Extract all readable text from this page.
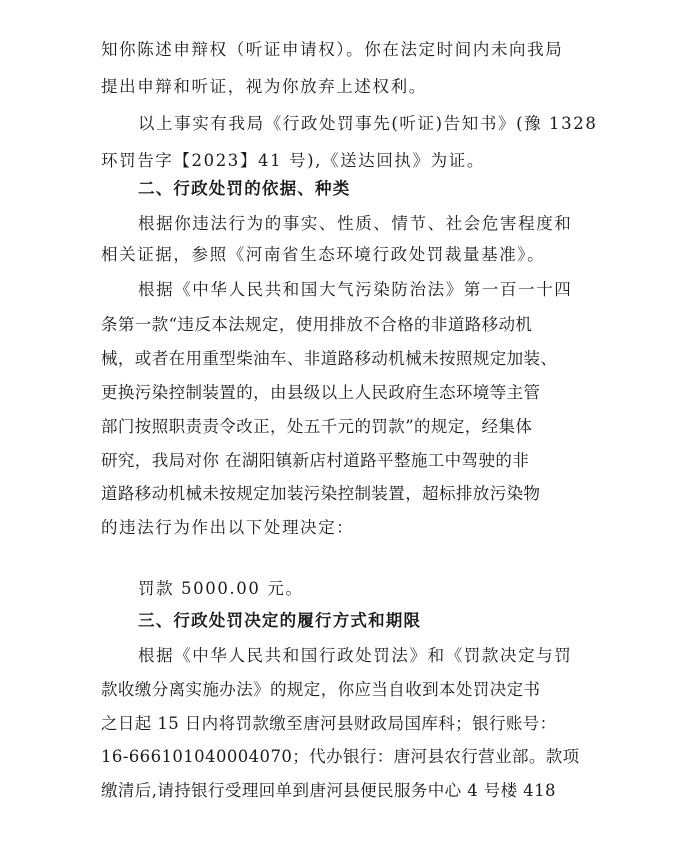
知你陈述申辩权（听证申请权）。你在法定时间内未向我局
提出申辩和听证，视为你放弃上述权利。
以上事实有我局《行政处罚事先(听证)告知书》(豫 1328
环罚告字【2023】41 号),《送达回执》为证。
二、行政处罚的依据、种类
根据你违法行为的事实、性质、情节、社会危害程度和
相关证据，参照《河南省生态环境行政处罚裁量基准》。
根据《中华人民共和国大气污染防治法》第一百一十四
条第一款“违反本法规定，使用排放不合格的非道路移动机
械，或者在用重型柴油车、非道路移动机械未按照规定加装、
更换污染控制装置的，由县级以上人民政府生态环境等主管
部门按照职责责令改正，处五千元的罚款”的规定，经集体
研究，我局对你 在湖阳镇新店村道路平整施工中驾驶的非
道路移动机械未按规定加装污染控制装置，超标排放污染物
的违法行为作出以下处理决定：
罚款 5000.00 元。
三、行政处罚决定的履行方式和期限
根据《中华人民共和国行政处罚法》和《罚款决定与罚
款收缴分离实施办法》的规定，你应当自收到本处罚决定书
之日起 15 日内将罚款缴至唐河县财政局国库科；银行账号：
16-666101040004070；代办银行：唐河县农行营业部。款项
缴清后,请持银行受理回单到唐河县便民服务中心 4 号楼 418
